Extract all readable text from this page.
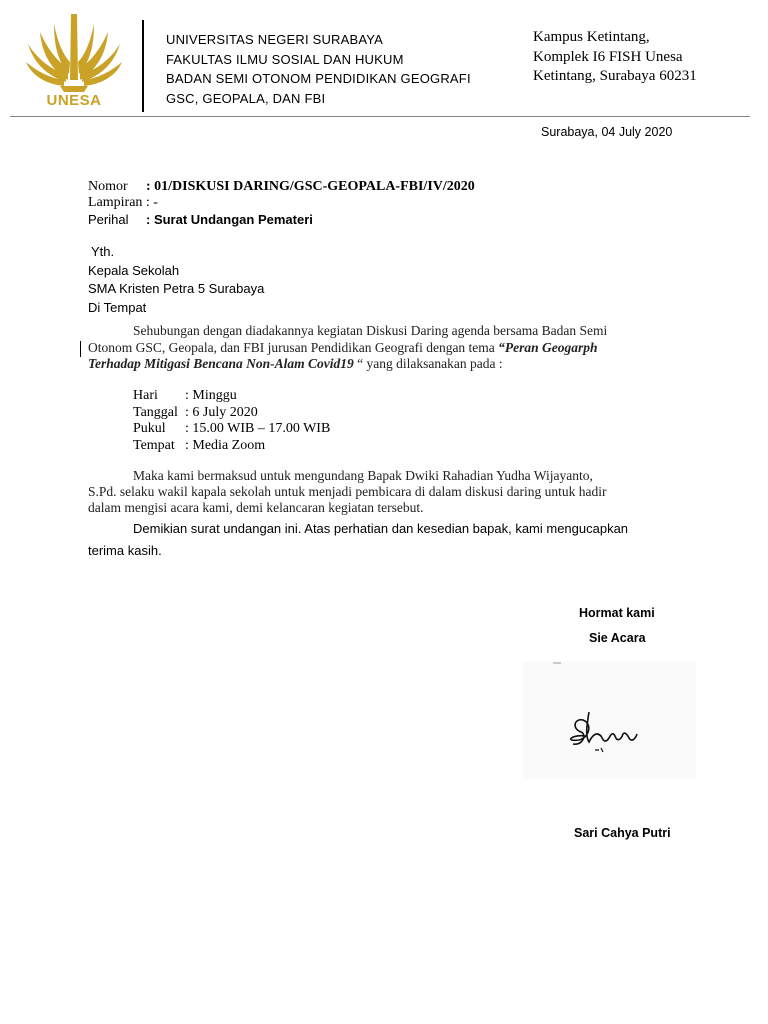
UNESA
UNIVERSITAS NEGERI SURABAYA
FAKULTAS ILMU SOSIAL DAN HUKUM
BADAN SEMI OTONOM PENDIDIKAN GEOGRAFI
GSC, GEOPALA, DAN FBI
Kampus Ketintang,
Komplek I6 FISH Unesa
Ketintang, Surabaya 60231
Surabaya, 04 July 2020
Nomor : 01/DISKUSI DARING/GSC-GEOPALA-FBI/IV/2020
Lampiran : -
Perihal : Surat Undangan Pemateri
Yth.
Kepala Sekolah
SMA Kristen Petra 5 Surabaya
Di Tempat
Sehubungan dengan diadakannya kegiatan Diskusi Daring agenda bersama Badan Semi
Otonom GSC, Geopala, dan FBI jurusan Pendidikan Geografi dengan tema “Peran Geogarph
Terhadap Mitigasi Bencana Non-Alam Covid19 “ yang dilaksanakan pada :
Hari : Minggu
Tanggal : 6 July 2020
Pukul : 15.00 WIB – 17.00 WIB
Tempat : Media Zoom
Maka kami bermaksud untuk mengundang Bapak Dwiki Rahadian Yudha Wijayanto,
S.Pd. selaku wakil kapala sekolah untuk menjadi pembicara di dalam diskusi daring untuk hadir
dalam mengisi acara kami, demi kelancaran kegiatan tersebut.
Demikian surat undangan ini. Atas perhatian dan kesedian bapak, kami mengucapkan
terima kasih.
Hormat kami
Sie Acara
Sari Cahya Putri
